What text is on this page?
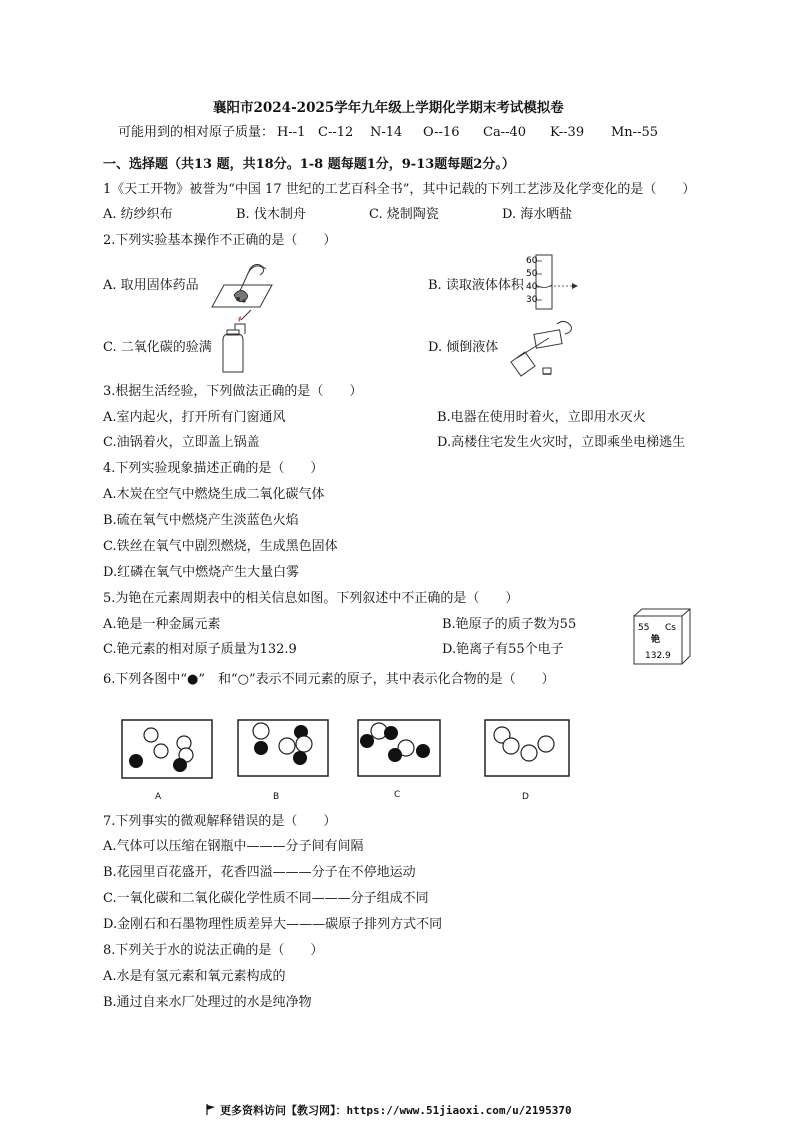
襄阳市2024-2025学年九年级上学期化学期末考试模拟卷
可能用到的相对原子质量： H--1 C--12 N-14 O--16 Ca--40 K--39 Mn--55
一、选择题（共13 题，共18分。1-8 题每题1分，9-13题每题2分。）
1《天工开物》被誉为“中国 17 世纪的工艺百科全书”，其中记载的下列工艺涉及化学变化的是（　　）
A. 纺纱织布	B. 伐木制舟	C. 烧制陶瓷	D. 海水晒盐
2.下列实验基本操作不正确的是（　　）
A. 取用固体药品	B. 读取液体体积
C. 二氧化碳的验满	D. 倾倒液体
60
50
40
30
3.根据生活经验，下列做法正确的是（　　）
A.室内起火，打开所有门窗通风	B.电器在使用时着火，立即用水灭火
C.油锅着火，立即盖上锅盖	D.高楼住宅发生火灾时，立即乘坐电梯逃生
4.下列实验现象描述正确的是（　　）
A.木炭在空气中燃烧生成二氧化碳气体
B.硫在氧气中燃烧产生淡蓝色火焰
C.铁丝在氧气中剧烈燃烧，生成黑色固体
D.红磷在氧气中燃烧产生大量白雾
5.为铯在元素周期表中的相关信息如图。下列叙述中不正确的是（　　）
A.铯是一种金属元素	B.铯原子的质子数为55
C.铯元素的相对原子质量为132.9	D.铯离子有55个电子
55 Cs
铯
132.9
6.下列各图中“●”　和“○”表示不同元素的原子，其中表示化合物的是（　　）
A	B	C	D
7.下列事实的微观解释错误的是（　　）
A.气体可以压缩在钢瓶中———分子间有间隔
B.花园里百花盛开，花香四溢———分子在不停地运动
C.一氧化碳和二氧化碳化学性质不同———分子组成不同
D.金刚石和石墨物理性质差异大———碳原子排列方式不同
8.下列关于水的说法正确的是（　　）
A.水是有氢元素和氧元素构成的
B.通过自来水厂处理过的水是纯净物
更多资料访问【教习网】：https://www.51jiaoxi.com/u/2195370
